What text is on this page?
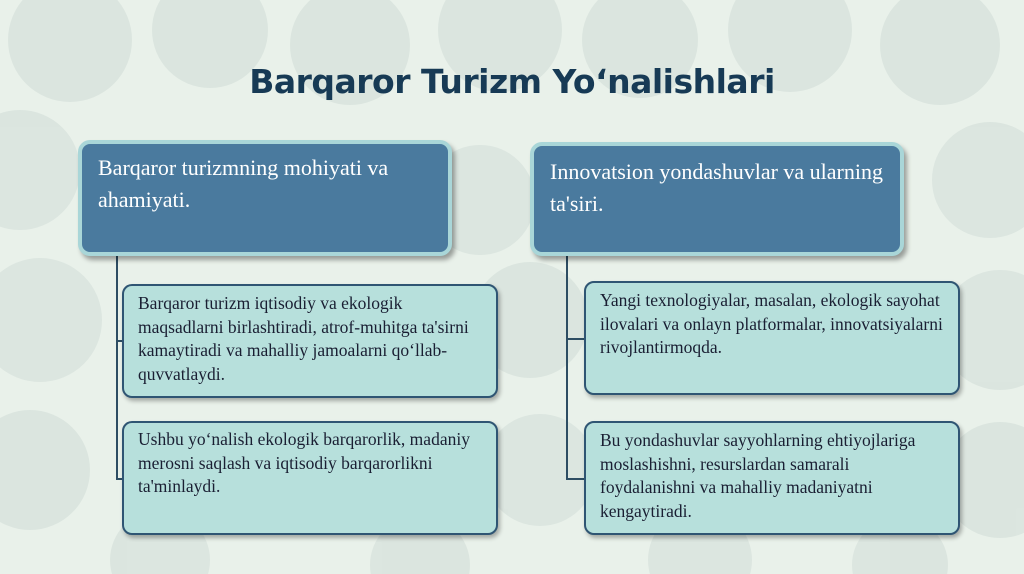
Barqaror Turizm Yo‘nalishlari
Barqaror turizmning mohiyati va ahamiyati.
Innovatsion yondashuvlar va ularning ta'siri.
Barqaror turizm iqtisodiy va ekologik maqsadlarni birlashtiradi, atrof-muhitga ta'sirni kamaytiradi va mahalliy jamoalarni qo‘llab-quvvatlaydi.
Ushbu yo‘nalish ekologik barqarorlik, madaniy merosni saqlash va iqtisodiy barqarorlikni ta'minlaydi.
Yangi texnologiyalar, masalan, ekologik sayohat ilovalari va onlayn platformalar, innovatsiyalarni rivojlantirmoqda.
Bu yondashuvlar sayyohlarning ehtiyojlariga moslashishni, resurslardan samarali foydalanishni va mahalliy madaniyatni kengaytiradi.
